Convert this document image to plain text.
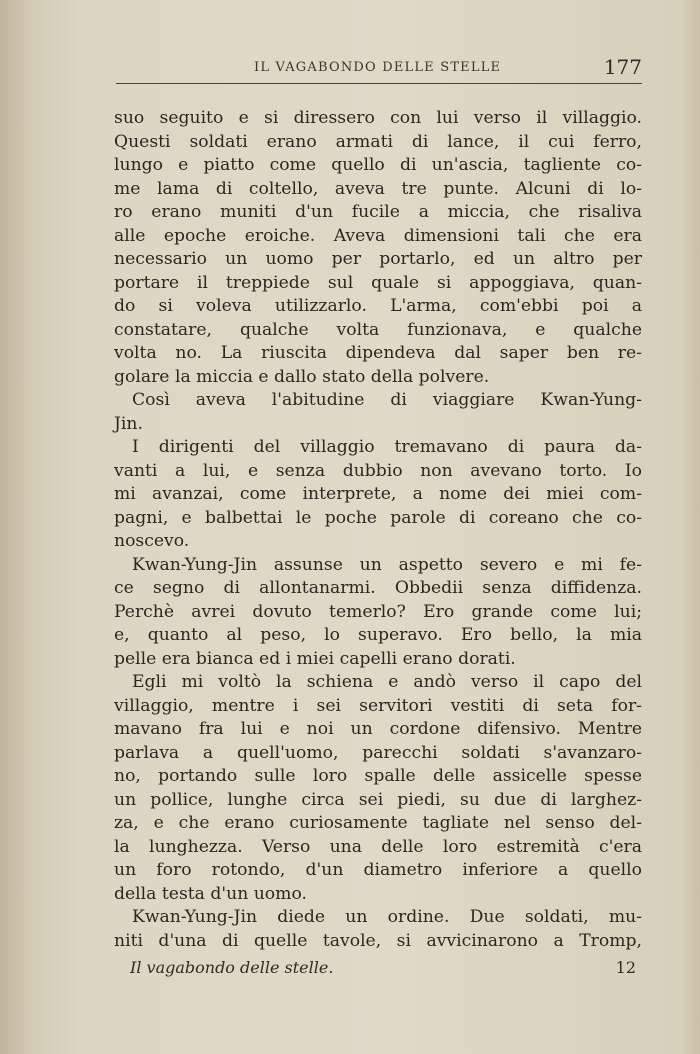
IL VAGABONDO DELLE STELLE	177
suo seguito e si diressero con lui verso il villaggio.
Questi soldati erano armati di lance, il cui ferro,
lungo e piatto come quello di un'ascia, tagliente co-
me lama di coltello, aveva tre punte. Alcuni di lo-
ro erano muniti d'un fucile a miccia, che risaliva
alle epoche eroiche. Aveva dimensioni tali che era
necessario un uomo per portarlo, ed un altro per
portare il treppiede sul quale si appoggiava, quan-
do si voleva utilizzarlo. L'arma, com'ebbi poi a
constatare, qualche volta funzionava, e qualche
volta no. La riuscita dipendeva dal saper ben re-
golare la miccia e dallo stato della polvere.
Così aveva l'abitudine di viaggiare Kwan-Yung-
Jin.
I dirigenti del villaggio tremavano di paura da-
vanti a lui, e senza dubbio non avevano torto. Io
mi avanzai, come interprete, a nome dei miei com-
pagni, e balbettai le poche parole di coreano che co-
noscevo.
Kwan-Yung-Jin assunse un aspetto severo e mi fe-
ce segno di allontanarmi. Obbedii senza diffidenza.
Perchè avrei dovuto temerlo? Ero grande come lui;
e, quanto al peso, lo superavo. Ero bello, la mia
pelle era bianca ed i miei capelli erano dorati.
Egli mi voltò la schiena e andò verso il capo del
villaggio, mentre i sei servitori vestiti di seta for-
mavano fra lui e noi un cordone difensivo. Mentre
parlava a quell'uomo, parecchi soldati s'avanzaro-
no, portando sulle loro spalle delle assicelle spesse
un pollice, lunghe circa sei piedi, su due di larghez-
za, e che erano curiosamente tagliate nel senso del-
la lunghezza. Verso una delle loro estremità c'era
un foro rotondo, d'un diametro inferiore a quello
della testa d'un uomo.
Kwan-Yung-Jin diede un ordine. Due soldati, mu-
niti d'una di quelle tavole, si avvicinarono a Tromp,
Il vagabondo delle stelle.	12
